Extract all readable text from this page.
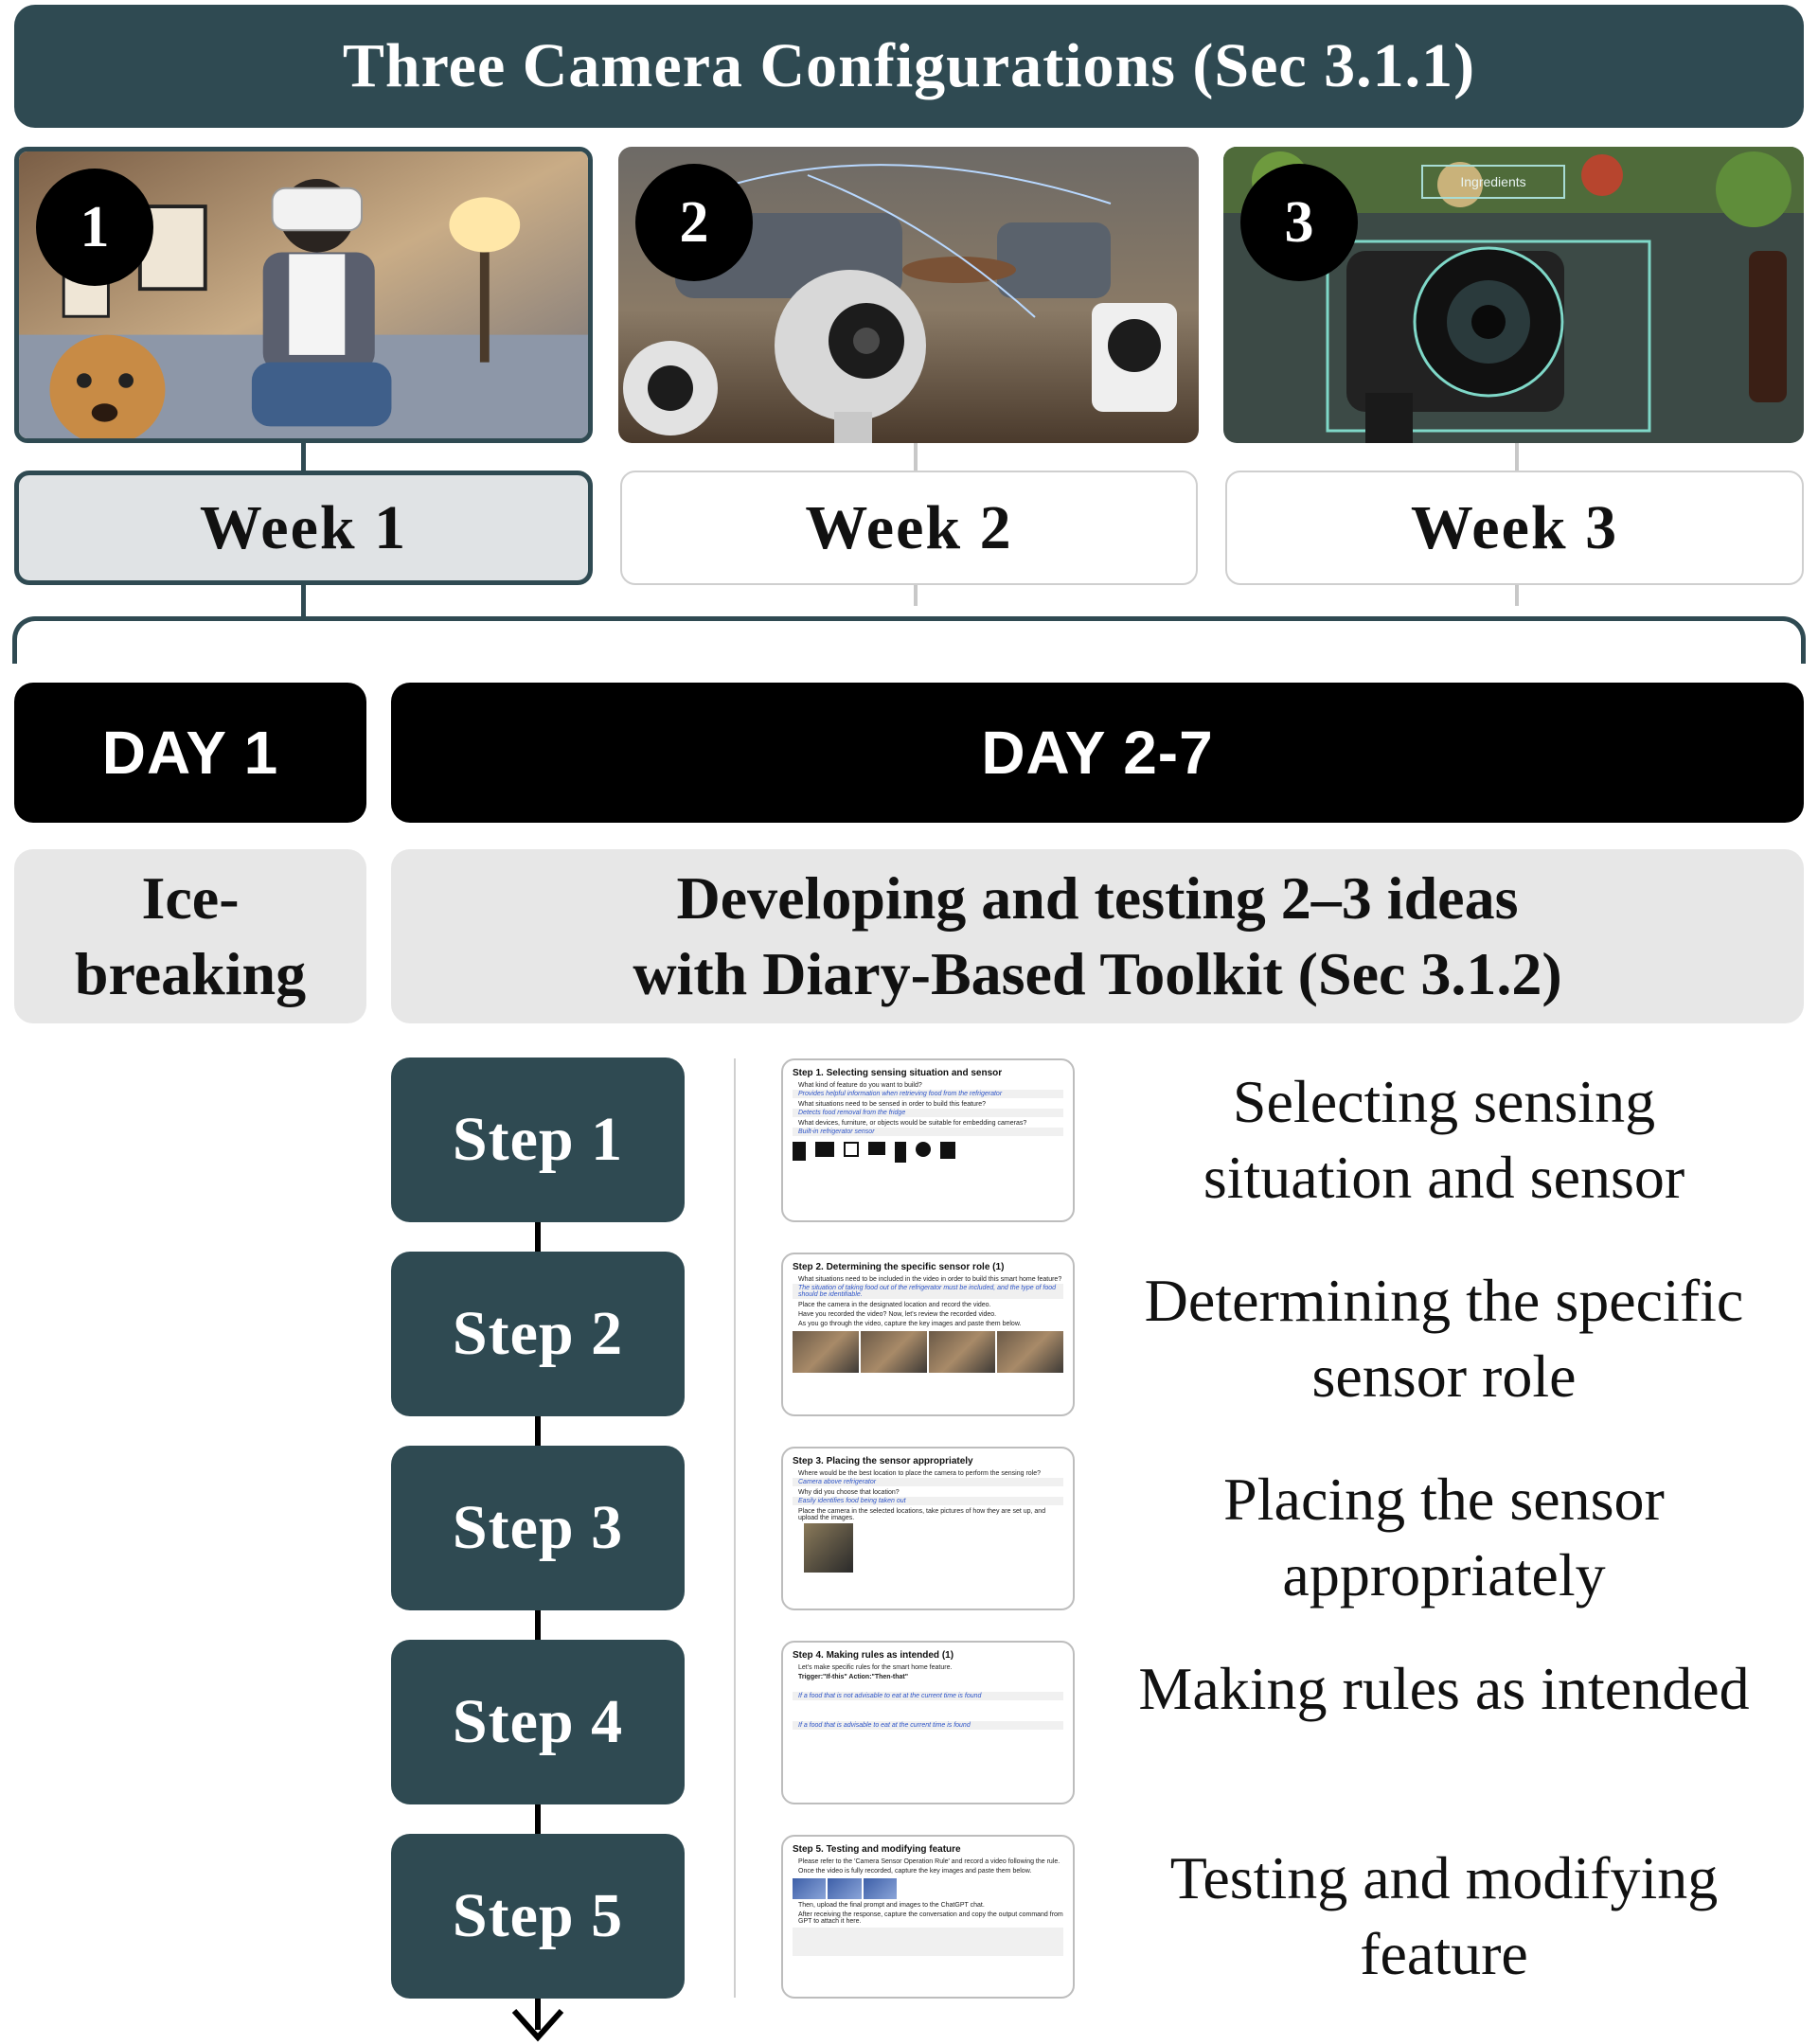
Three Camera Configurations (Sec 3.1.1)
1	2
Ingredients
3
Week 1	Week 2	Week 3
DAY 1	DAY 2-7
Ice-
breaking
Developing and testing 2–3 ideas
with Diary-Based Toolkit (Sec 3.1.2)
Step 1
Step 2
Step 3
Step 4
Step 5
Step 1. Selecting sensing situation and sensor
What kind of feature do you want to build?
Provides helpful information when retrieving food from the refrigerator
What situations need to be sensed in order to build this feature?
Detects food removal from the fridge
What devices, furniture, or objects would be suitable for embedding cameras?
Built-in refrigerator sensor
Step 2. Determining the specific sensor role (1)
What situations need to be included in the video in order to build this smart home feature?
The situation of taking food out of the refrigerator must be included, and the type of food should be identifiable.
Place the camera in the designated location and record the video.
Have you recorded the video? Now, let's review the recorded video.
As you go through the video, capture the key images and paste them below.
Step 3. Placing the sensor appropriately
Where would be the best location to place the camera to perform the sensing role?
Camera above refrigerator
Why did you choose that location?
Easily identifies food being taken out
Place the camera in the selected locations, take pictures of how they are set up, and upload the images.
Step 4. Making rules as intended (1)
Let's make specific rules for the smart home feature.
Trigger:"If-this" Action:"Then-that"
If a food that is not advisable to eat at the current time is found
If a food that is advisable to eat at the current time is found
Step 5. Testing and modifying feature
Please refer to the 'Camera Sensor Operation Rule' and record a video following the rule.
Once the video is fully recorded, capture the key images and paste them below.
Then, upload the final prompt and images to the ChatGPT chat.
After receiving the response, capture the conversation and copy the output command from GPT to attach it here.
Selecting sensing situation and sensor
Determining the specific sensor role
Placing the sensor appropriately
Making rules as intended
Testing and modifying feature
